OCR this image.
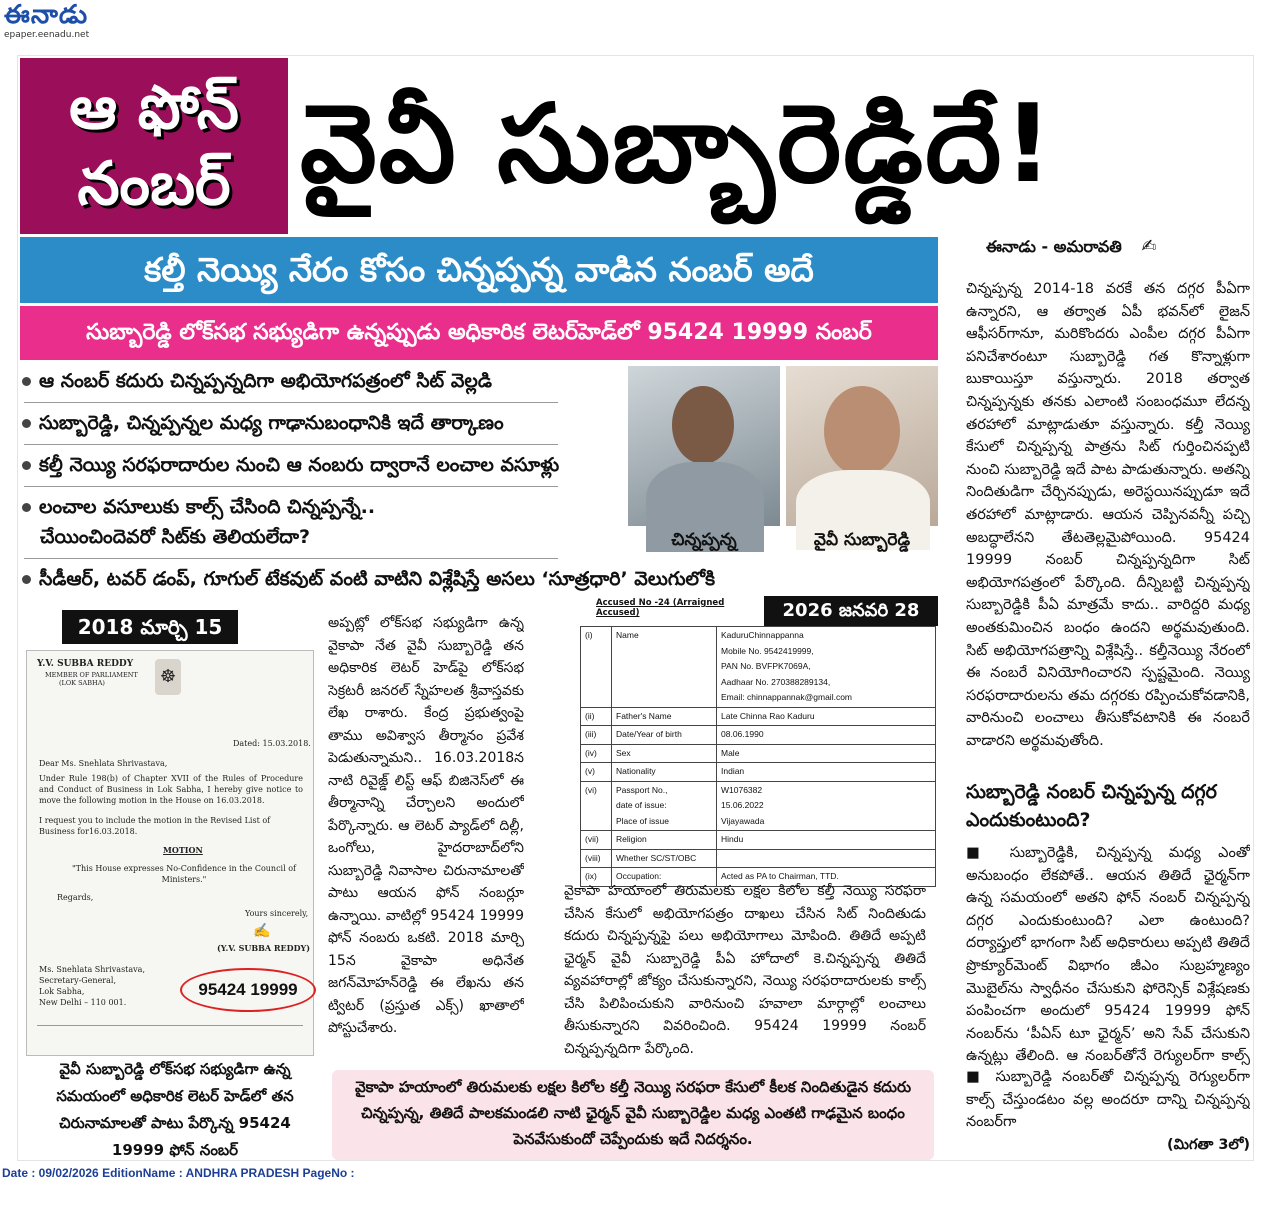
ఈనాడు
epaper.eenadu.net
ఆ ఫోన్
నంబర్ వైవీ సుబ్బారెడ్డిదే!
కల్తీ నెయ్యి నేరం కోసం చిన్నప్పన్న వాడిన నంబర్ అదే
సుబ్బారెడ్డి లోక్‌సభ సభ్యుడిగా ఉన్నప్పుడు అధికారిక లెటర్‌హెడ్‌లో 95424 19999 నంబర్
ఆ నంబర్ కదురు చిన్నప్పన్నదిగా అభియోగపత్రంలో సిట్ వెల్లడి
సుబ్బారెడ్డి, చిన్నప్పన్నల మధ్య గాఢానుబంధానికి ఇదే తార్కాణం
కల్తీ నెయ్యి సరఫరాదారుల నుంచి ఆ నంబరు ద్వారానే లంచాల వసూళ్లు
లంచాల వసూలుకు కాల్స్ చేసింది చిన్నప్పన్నే..
చేయించిందెవరో సిట్‌కు తెలియలేదా?
సీడీఆర్, టవర్ డంప్, గూగుల్ టేకవుట్ వంటి వాటిని విశ్లేషిస్తే అసలు ‘సూత్రధారి’ వెలుగులోకి
చిన్నప్పన్న	వైవీ సుబ్బారెడ్డి
ఈనాడు - అమరావతి ✍
చిన్నప్పన్న 2014-18 వరకే తన దగ్గర పీఏగా ఉన్నారని, ఆ తర్వాత ఏపీ భవన్‌లో లైజన్ ఆఫీసర్‌గానూ, మరికొందరు ఎంపీల దగ్గర పీఏగా పనిచేశారంటూ సుబ్బారెడ్డి గత కొన్నాళ్లుగా బుకాయిస్తూ వస్తున్నారు. 2018 తర్వాత చిన్నప్పన్నకు తనకు ఎలాంటి సంబంధమూ లేదన్న తరహాలో మాట్లాడుతూ వస్తున్నారు. కల్తీ నెయ్యి కేసులో చిన్నప్పన్న పాత్రను సిట్ గుర్తించినప్పటి నుంచి సుబ్బారెడ్డి ఇదే పాట పాడుతున్నారు. అతన్ని నిందితుడిగా చేర్చినప్పుడు, అరెస్టయినప్పుడూ ఇదే తరహాలో మాట్లాడారు. ఆయన చెప్పినవన్నీ పచ్చి అబద్ధాలేనని తేటతెల్లమైపోయింది. 95424 19999 నంబర్ చిన్నప్పన్నదిగా సిట్ అభియోగపత్రంలో పేర్కొంది. దీన్నిబట్టి చిన్నప్పన్న సుబ్బారెడ్డికి పీఏ మాత్రమే కాదు.. వారిద్దరి మధ్య అంతకుమించిన బంధం ఉందని అర్థమవుతుంది. సిట్ అభియోగపత్రాన్ని విశ్లేషిస్తే.. కల్తీనెయ్యి నేరంలో ఈ నంబరే వినియోగించారని స్పష్టమైంది. నెయ్యి సరఫరాదారులను తమ దగ్గరకు రప్పించుకోవడానికి, వారినుంచి లంచాలు తీసుకోవటానికి ఈ నంబరే వాడారని అర్థమవుతోంది.
సుబ్బారెడ్డి నంబర్ చిన్నప్పన్న దగ్గర ఎందుకుంటుంది?
■ సుబ్బారెడ్డికి, చిన్నప్పన్న మధ్య ఎంతో అనుబంధం లేకపోతే.. ఆయన తితిదే ఛైర్మన్‌గా ఉన్న సమయంలో అతని ఫోన్ నంబర్ చిన్నప్పన్న దగ్గర ఎందుకుంటుంది? ఎలా ఉంటుంది? దర్యాప్తులో భాగంగా సిట్ అధికారులు అప్పటి తితిదే ప్రొక్యూర్‌మెంట్ విభాగం జీఎం సుబ్రహ్మణ్యం మొబైల్‌ను స్వాధీనం చేసుకుని ఫోరెన్సిక్ విశ్లేషణకు పంపించగా అందులో 95424 19999 ఫోన్ నంబర్‌ను ‘పీఏస్ టూ ఛైర్మన్’ అని సేవ్ చేసుకుని ఉన్నట్లు తేలింది. ఆ నంబర్‌తోనే రెగ్యులర్‌గా కాల్స్
■ సుబ్బారెడ్డి నంబర్‌తో చిన్నప్పన్న రెగ్యులర్‌గా కాల్స్ చేస్తుండటం వల్ల అందరూ దాన్ని చిన్నప్పన్న నంబర్‌గా
(మిగతా 3లో)
2018 మార్చి 15
Y.V. SUBBA REDDY
MEMBER OF PARLIAMENT
(LOK SABHA)	☸
Dated: 15.03.2018.
Dear Ms. Snehlata Shrivastava,
Under Rule 198(b) of Chapter XVII of the Rules of Procedure and Conduct of Business in Lok Sabha, I hereby give notice to move the following motion in the House on 16.03.2018.
I request you to include the motion in the Revised List of Business for16.03.2018.
MOTION
"This House expresses No-Confidence in the Council of Ministers."
Regards,
Yours sincerely,
✍
(Y.V. SUBBA REDDY)
Ms. Snehlata Shrivastava,
Secretary-General,
Lok Sabha,
New Delhi – 110 001.
95424 19999
వైవీ సుబ్బారెడ్డి లోక్‌సభ సభ్యుడిగా ఉన్న సమయంలో అధికారిక లెటర్ హెడ్‌లో తన చిరునామాలతో పాటు పేర్కొన్న 95424 19999 ఫోన్ నంబర్
అప్పట్లో లోక్‌సభ సభ్యుడిగా ఉన్న వైకాపా నేత వైవీ సుబ్బారెడ్డి తన అధికారిక లెటర్ హెడ్‌పై లోక్‌సభ సెక్రటరీ జనరల్ స్నేహలత శ్రీవాస్తవకు లేఖ రాశారు. కేంద్ర ప్రభుత్వంపై తాము అవిశ్వాస తీర్మానం ప్రవేశ పెడుతున్నామని.. 16.03.2018న నాటి రివైజ్డ్ లిస్ట్ ఆఫ్ బిజినెస్‌లో ఈ తీర్మానాన్ని చేర్చాలని అందులో పేర్కొన్నారు. ఆ లెటర్ ప్యాడ్‌లో దిల్లీ, ఒంగోలు, హైదరాబాద్‌లోని సుబ్బారెడ్డి నివాసాల చిరునామాలతో పాటు ఆయన ఫోన్ నంబర్లూ ఉన్నాయి. వాటిల్లో 95424 19999 ఫోన్ నంబరు ఒకటి. 2018 మార్చి 15న వైకాపా అధినేత జగన్‌మోహన్‌రెడ్డి ఈ లేఖను తన ట్విటర్ (ప్రస్తుత ఎక్స్) ఖాతాలో పోస్టుచేశారు.
Accused No -24 (Arraigned Accused)	2026 జనవరి 28
(i)	Name	KaduruChinnappanna
Mobile No. 9542419999,
PAN No. BVFPK7069A,
Aadhaar No. 270388289134,
Email: chinnappannak@gmail.com
(ii)	Father's Name	Late Chinna Rao Kaduru
(iii)	Date/Year of birth	08.06.1990
(iv)	Sex	Male
(v)	Nationality	Indian
(vi)	Passport No.,
date of issue:
Place of issue	W1076382
15.06.2022
Vijayawada
(vii)	Religion	Hindu
(viii)	Whether SC/ST/OBC	
(ix)	Occupation:	Acted as PA to Chairman, TTD.
వైకాపా హయాంలో తిరుమలకు లక్షల కిలోల కల్తీ నెయ్యి సరఫరా చేసిన కేసులో అభియోగపత్రం దాఖలు చేసిన సిట్ నిందితుడు కదురు చిన్నప్పన్నపై పలు అభియోగాలు మోపింది. తితిదే అప్పటి ఛైర్మన్ వైవీ సుబ్బారెడ్డి పీఏ హోదాలో కె.చిన్నప్పన్న తితిదే వ్యవహారాల్లో జోక్యం చేసుకున్నారని, నెయ్యి సరఫరాదారులకు కాల్స్ చేసి పిలిపించుకుని వారినుంచి హవాలా మార్గాల్లో లంచాలు తీసుకున్నారని వివరించింది. 95424 19999 నంబర్ చిన్నప్పన్నదిగా పేర్కొంది.
వైకాపా హయాంలో తిరుమలకు లక్షల కిలోల కల్తీ నెయ్యి సరఫరా కేసులో కీలక నిందితుడైన కదురు చిన్నప్పన్న, తితిదే పాలకమండలి నాటి ఛైర్మన్ వైవీ సుబ్బారెడ్డిల మధ్య ఎంతటి గాఢమైన బంధం పెనవేసుకుందో చెప్పేందుకు ఇదే నిదర్శనం.
Date : 09/02/2026 EditionName : ANDHRA PRADESH PageNo :
